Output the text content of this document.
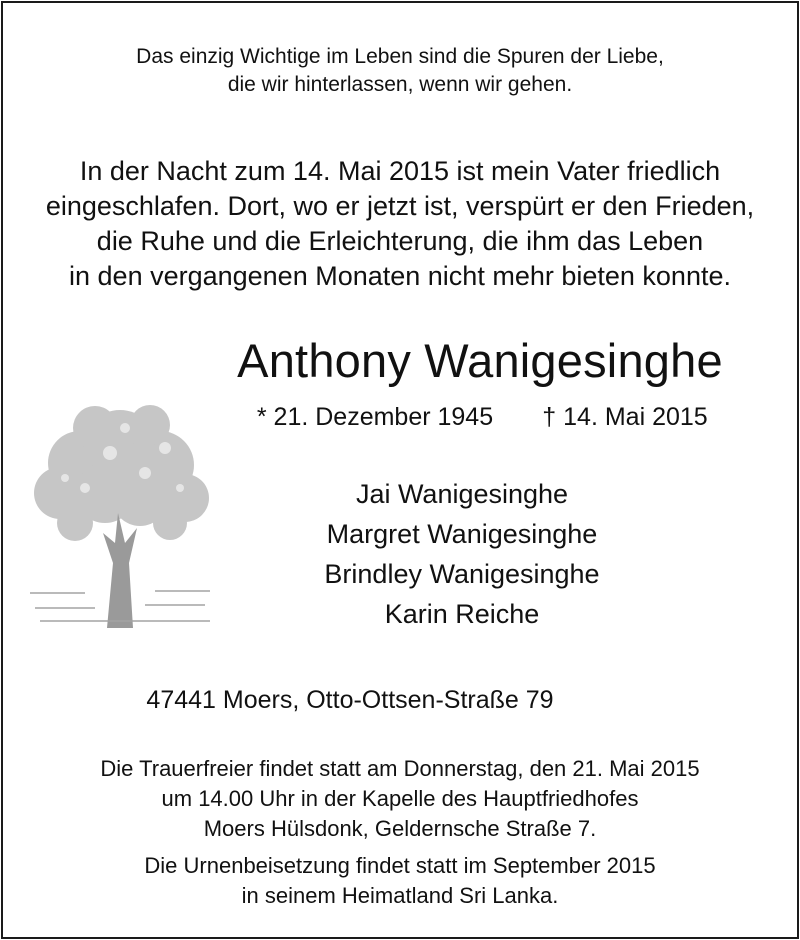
Das einzig Wichtige im Leben sind die Spuren der Liebe,
die wir hinterlassen, wenn wir gehen.
In der Nacht zum 14. Mai 2015 ist mein Vater friedlich
eingeschlafen. Dort, wo er jetzt ist, verspürt er den Frieden,
die Ruhe und die Erleichterung, die ihm das Leben
in den vergangenen Monaten nicht mehr bieten konnte.
Anthony Wanigesinghe
* 21. Dezember 1945	† 14. Mai 2015
Jai Wanigesinghe
Margret Wanigesinghe
Brindley Wanigesinghe
Karin Reiche
47441 Moers, Otto-Ottsen-Straße 79
Die Trauerfreier findet statt am Donnerstag, den 21. Mai 2015
um 14.00 Uhr in der Kapelle des Hauptfriedhofes
Moers Hülsdonk, Geldernsche Straße 7.
Die Urnenbeisetzung findet statt im September 2015
in seinem Heimatland Sri Lanka.
